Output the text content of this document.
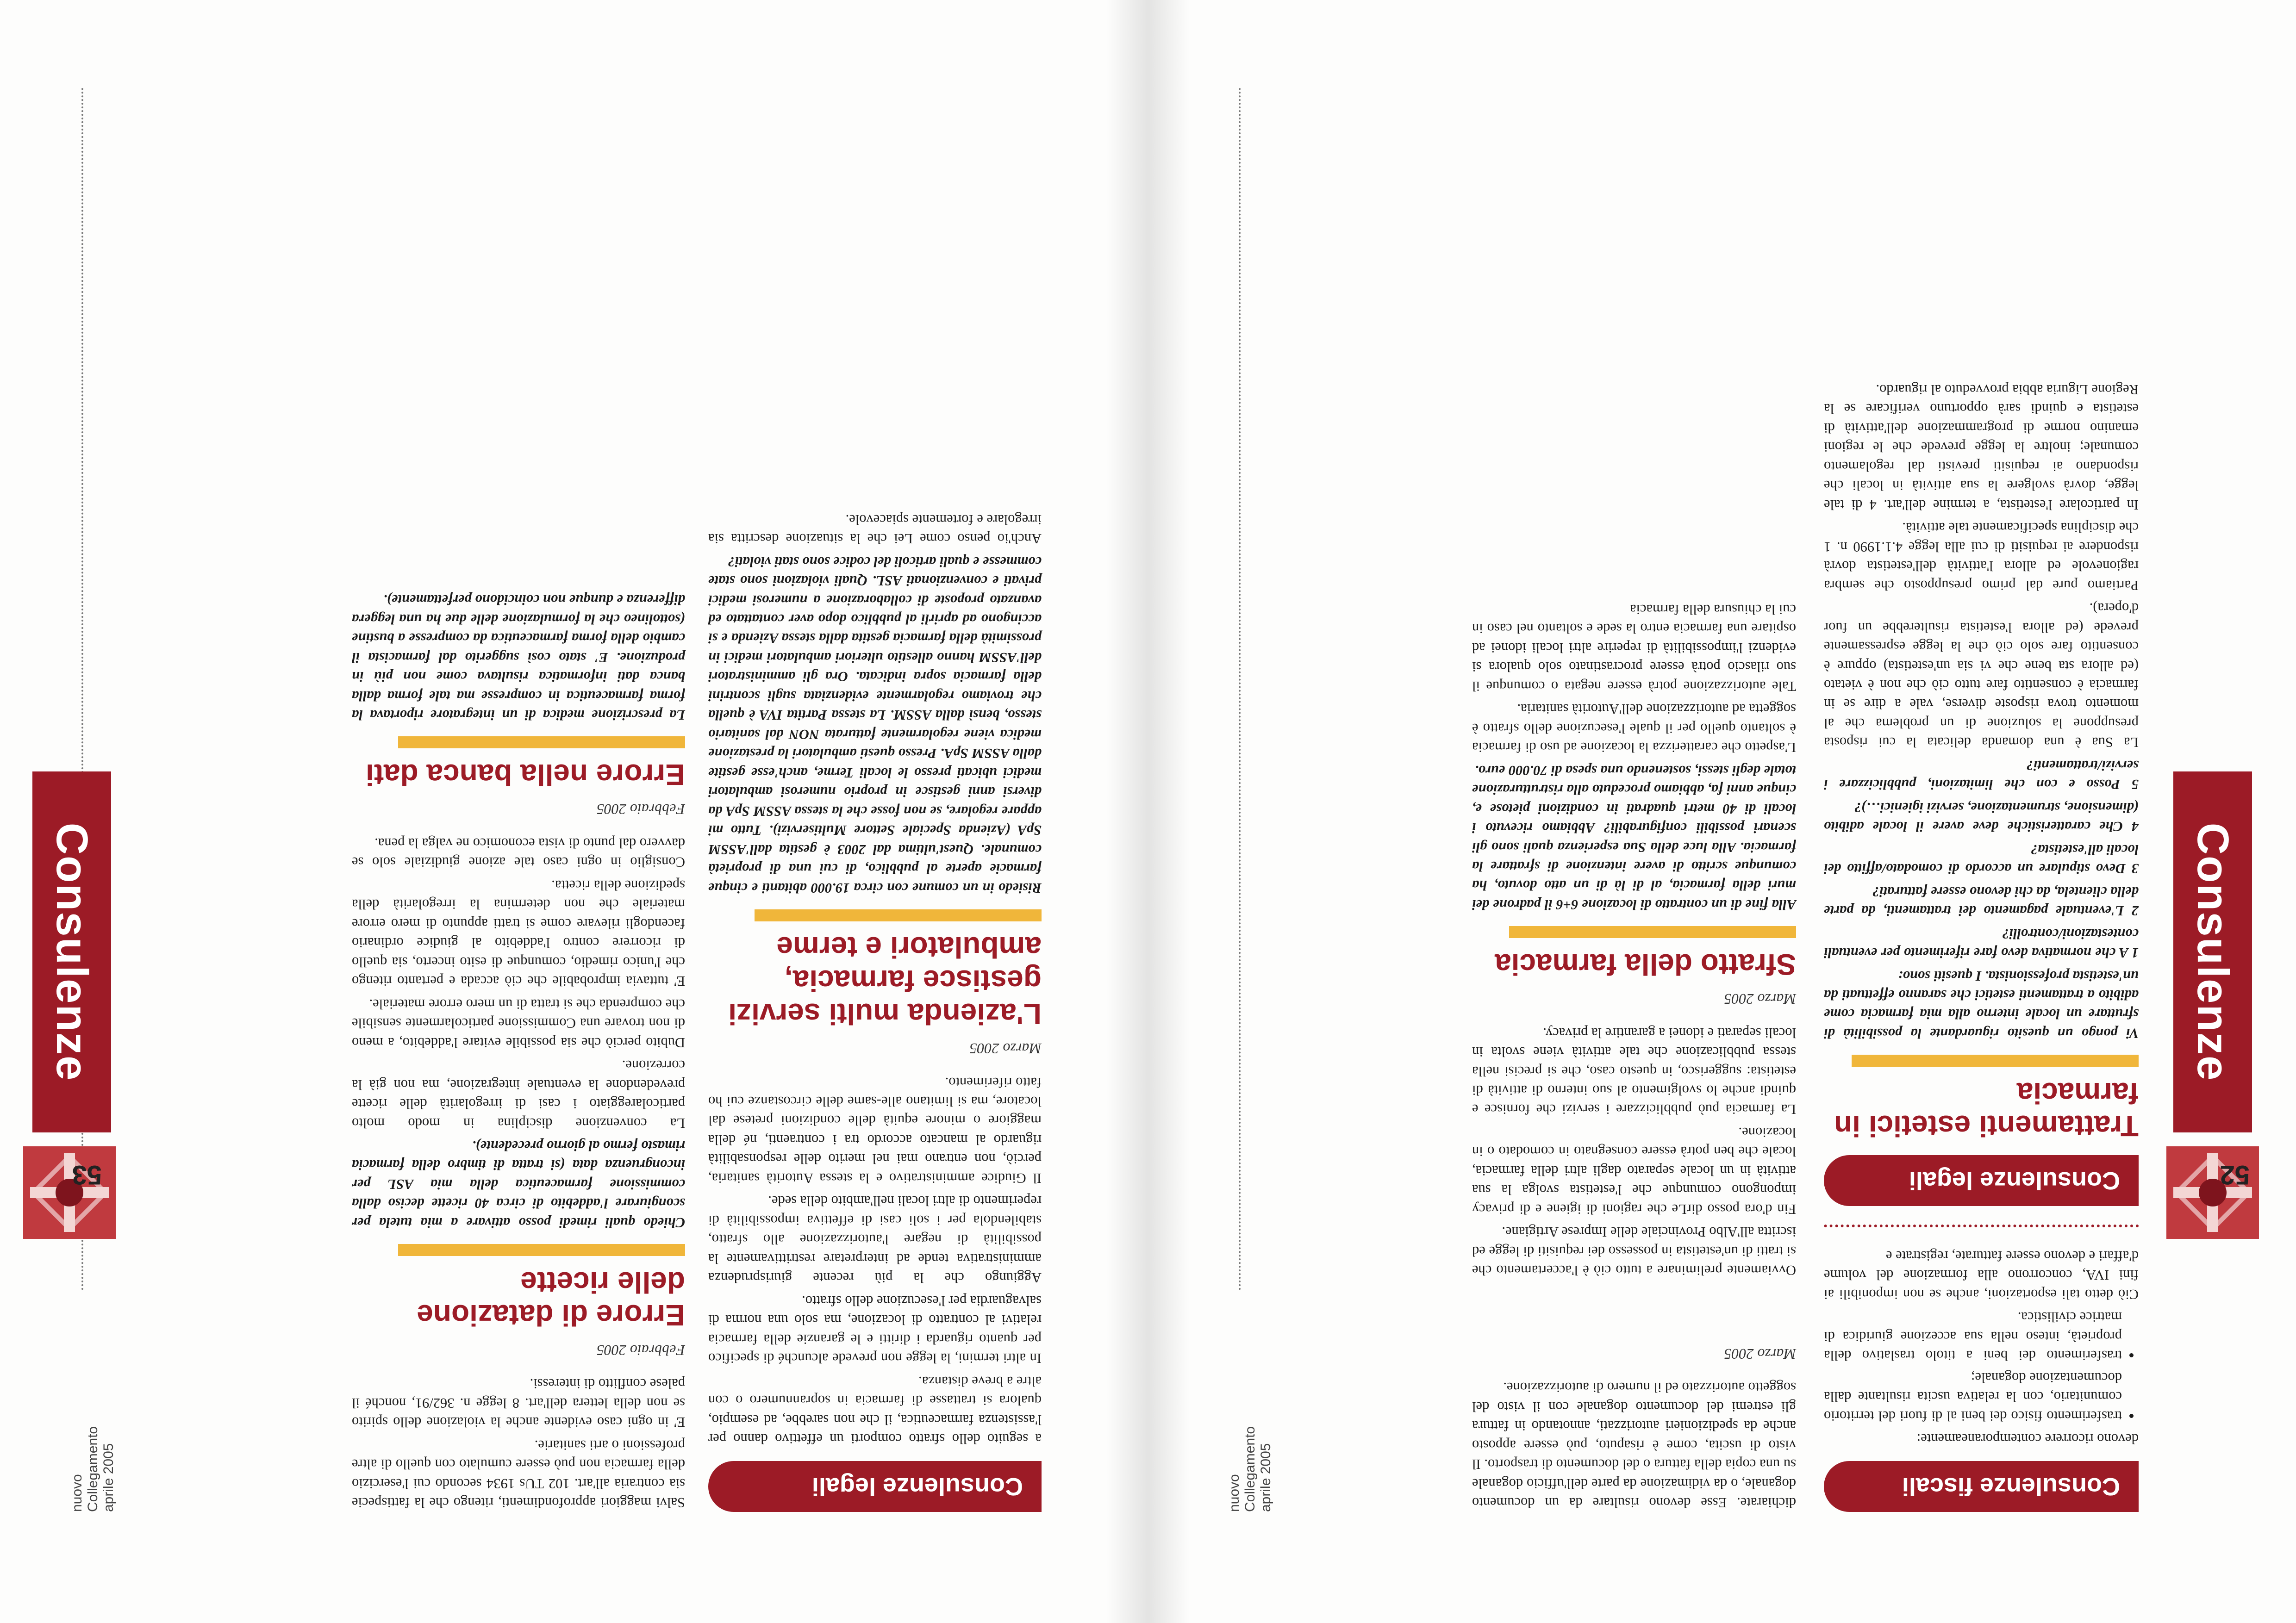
52
Consulenze
nuovo Collegamento aprile 2005	Consulenze fiscali

devono ricorrere contemporaneamente:

• trasferimento fisico dei beni al di fuori del territorio comunitario, con la relativa uscita risultante dalla documentazione doganale;
• trasferimento dei beni a titolo traslativo della proprietà, inteso nella sua accezione giuridica di matrice civilistica.

Ciò detto tali esportazioni, anche se non imponibili ai fini IVA, concorrono alla formazione del volume d'affari e devono essere fatturate, registrate e

Consulenze legali
Trattamenti estetici in farmacia

Vi pongo un quesito riguardante la possibilità di sfruttare un locale interno alla mia farmacia come adibito a trattamenti estetici che saranno effettuati da un'estetista professionista. I quesiti sono:

1 A che normativa devo fare riferimento per eventuali contestazioni/controlli?

2 L'eventuale pagamento dei trattamenti, da parte della clientela, da chi devono essere fatturati?

3 Devo stipulare un accordo di comodato/affitto dei locali all'estetista?

4 Che caratteristiche deve avere il locale adibito (dimensione, strumentazione, servizi igienici…)?

5 Posso e con che limitazioni, pubblicizzare i servizi/trattamenti?

La Sua è una domanda delicata la cui risposta presuppone la soluzione di un problema che al momento trova risposte diverse, vale a dire se in farmacia è consentito fare tutto ciò che non è vietato (ed allora sta bene che vi sia un'estetista) oppure è consentito fare solo ciò che la legge espressamente prevede (ed allora l'estetista risulterebbe un fuor d'opera).

Partiamo pure dal primo presupposto che sembra ragionevole ed allora l'attività dell'estetista dovrà rispondere ai requisiti di cui alla legge 4.1.1990 n. 1 che disciplina specificamente tale attività.

In particolare l'estetista, a termine dell'art. 4 di tale legge, dovrà svolgere la sua attività in locali che rispondano ai requisiti previsti dal regolamento comunale; inoltre la legge prevede che le regioni emanino norme di programmazione dell'attività di estetista e quindi sarà opportuno verificare se la Regione Liguria abbia provveduto al riguardo.

dichiarate. Esse devono risultare da un documento doganale, o da vidimazione da parte dell'ufficio doganale su una copia della fattura o del documento di trasporto. Il visto di uscita, come è risaputo, può essere apposto anche da spedizionieri autorizzati, annotando in fattura gli estremi del documento doganale con il visto del soggetto autorizzato ed il numero di autorizzazione.

Marzo 2005

Ovviamente preliminare a tutto ciò è l'accertamento che si tratti di un'estetista in possesso dei requisiti di legge ed iscritta all'Albo Provinciale delle Imprese Artigiane.

Fin d'ora posso dirLe che ragioni di igiene e di privacy impongono comunque che l'estetista svolga la sua attività in un locale separato dagli altri della farmacia, locale che ben potrà essere consegnato in comodato o in locazione.

La farmacia può pubblicizzare i servizi che fornisce e quindi anche lo svolgimento al suo interno di attività di estetista: suggerisco, in questo caso, che si precisi nella stessa pubblicazione che tale attività viene svolta in locali separati e idonei a garantire la privacy.

Marzo 2005
Sfratto della farmacia

Alla fine di un contratto di locazione 6+6 il padrone dei muri della farmacia, al di là di un atto dovuto, ha comunque scritto di avere intenzione di sfrattare la farmacia. Alla luce della Sua esperienza quali sono gli scenari possibili configurabili? Abbiamo ricevuto i locali di 40 metri quadrati in condizioni pietose e, cinque anni fa, abbiamo proceduto alla ristrutturazione totale degli stessi, sostenendo una spesa di 70.000 euro.

L'aspetto che caratterizza la locazione ad uso di farmacia è soltanto quello per il quale l'esecuzione dello sfratto è soggetta ad autorizzazione dell'Autorità sanitaria.

Tale autorizzazione potrà essere negata o comunque il suo rilascio potrà essere procrastinato solo qualora si evidenzi l'impossibilità di reperire altri locali idonei ad ospitare una farmacia entro la sede e soltanto nel caso in cui la chiusura della farmacia

nuovo Collegamento aprile 2005
53
Consulenze
Consulenze legali

a seguito dello sfratto comporti un effettivo danno per l'assistenza farmaceutica, il che non sarebbe, ad esempio, qualora si trattasse di farmacia in soprannumero o con altre a breve distanza.

In altri termini, la legge non prevede alcunché di specifico per quanto riguarda i diritti e le garanzie della farmacia relativi al contratto di locazione, ma solo una norma di salvaguardia per l'esecuzione dello sfratto.

Aggiungo che la più recente giurisprudenza amministrativa tende ad interpretare restrittivamente la possibilità di negare l'autorizzazione allo sfratto, stabilendola per i soli casi di effettiva impossibilità di reperimento di altri locali nell'ambito della sede.

Il Giudice amministrativo e la stessa Autorità sanitaria, perciò, non entrano mai nel merito delle responsabilità riguardo al mancato accordo tra i contraenti, né della maggiore o minore equità delle condizioni pretese dal locatore, ma si limitano alle-same delle circostanze cui ho fatto riferimento.

Marzo 2005
L'azienda multi servizi gestisce farmacia, ambulatori e terme

Risiedo in un comune con circa 19.000 abitanti e cinque farmacie aperte al pubblico, di cui una di proprietà comunale. Quest'ultima dal 2003 è gestita dall'ASSM SpA (Azienda Speciale Settore Multiservizi). Tutto mi appare regolare, se non fosse che la stessa ASSM SpA da diversi anni gestisce in proprio numerosi ambulatori medici ubicati presso le locali Terme, anch'esse gestite dalla ASSM SpA. Presso questi ambulatori la prestazione medica viene regolarmente fatturata NON dal sanitario stesso, bensì dalla ASSM. La stessa Partita IVA è quella che troviamo regolarmente evidenziata sugli scontrini della farmacia sopra indicata. Ora gli amministratori dell'ASSM hanno allestito ulteriori ambulatori medici in prossimità della farmacia gestita dalla stessa Azienda e si accingono ad aprirli al pubblico dopo aver contattato ed avanzato proposte di collaborazione a numerosi medici privati e convenzionati ASL. Quali violazioni sono state commesse e quali articoli del codice sono stati violati?

Anch'io penso come Lei che la situazione descritta sia irregolare e fortemente spiacevole.

Salvi maggiori approfondimenti, ritengo che la fattispecie sia contraria all'art. 102 TUs 1934 secondo cui l'esercizio della farmacia non può essere cumulato con quello di altre professioni o arti sanitarie.

E' in ogni caso evidente anche la violazione dello spirito se non della lettera dell'art. 8 legge n. 362/91, nonché il palese conflitto di interessi.

Febbraio 2005
Errore di datazione delle ricette

Chiedo quali rimedi posso attivare a mia tutela per scongiurare l'addebito di circa 40 ricette deciso dalla commissione farmaceutica della mia ASL per incongruenza data (si tratta di timbro della farmacia rimasto fermo al giorno precedente).

La convenzione disciplina in modo molto particolareggiato i casi di irregolarità delle ricette prevedendone la eventuale integrazione, ma non già la correzione.

Dubito perciò che sia possibile evitare l'addebito, a meno di non trovare una Commissione particolarmente sensibile che comprenda che si tratta di un mero errore materiale.

E' tuttavia improbabile che ciò accada e pertanto ritengo che l'unico rimedio, comunque di esito incerto, sia quello di ricorrere contro l'addebito al giudice ordinario facendogli rilevare come si tratti appunto di mero errore materiale che non determina la irregolarità della spedizione della ricetta.

Consiglio in ogni caso tale azione giudiziale solo se davvero dal punto di vista economico ne valga la pena.

Febbraio 2005
Errore nella banca dati

La prescrizione medica di un integratore riportava la forma farmaceutica in compresse ma tale forma dalla banca dati informatica risultava come non più in produzione. E' stato così suggerito dal farmacista il cambio della forma farmaceutica da compresse a bustine (sottolineo che la formulazione delle due ha una leggera differenza e dunque non coincidono perfettamente).
